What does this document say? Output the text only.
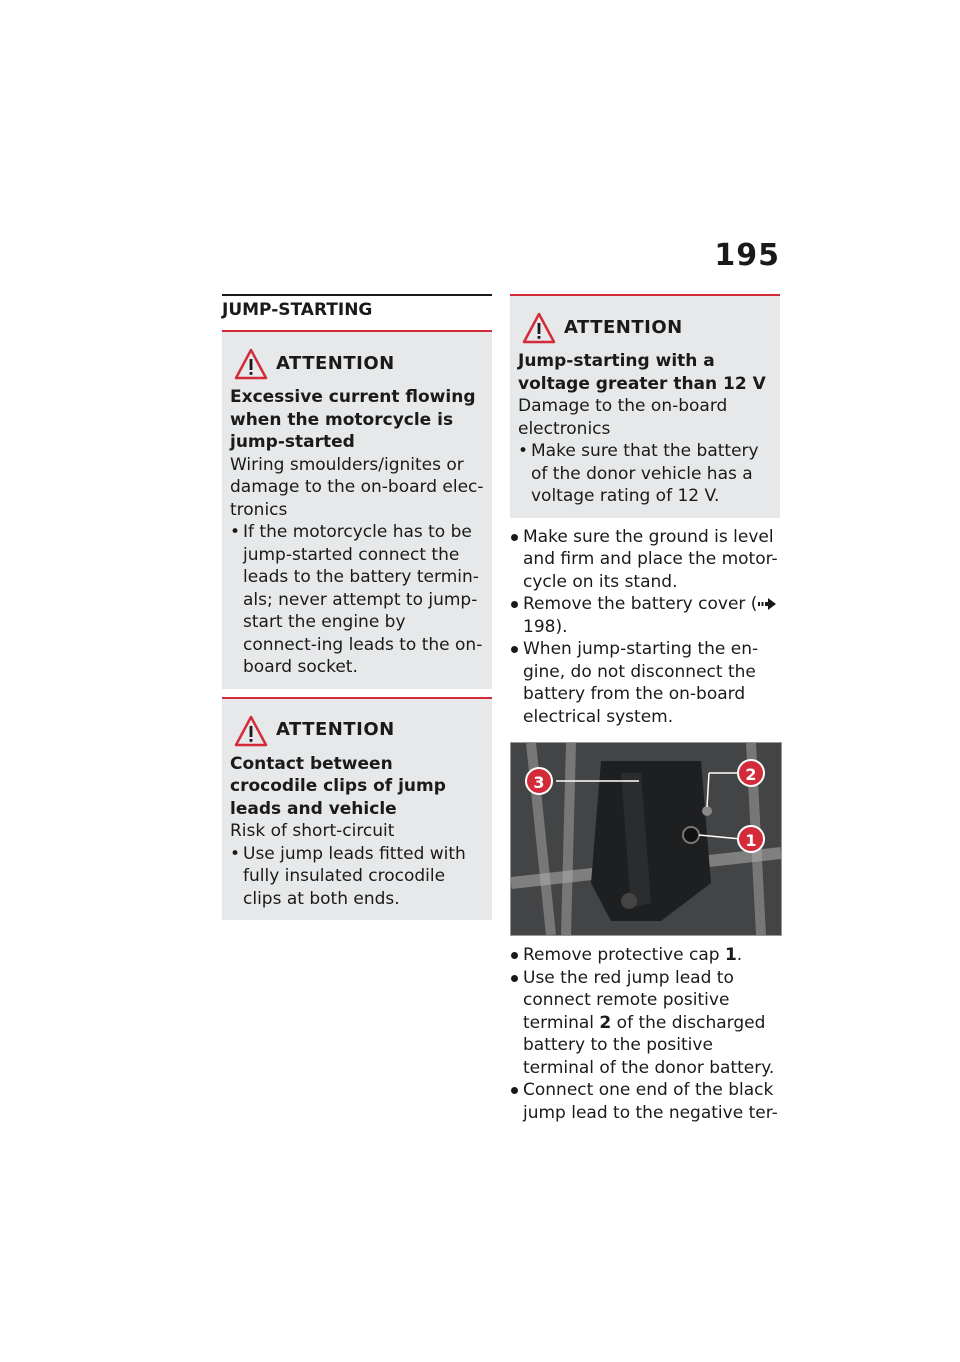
195
JUMP-STARTING
ATTENTION
Excessive current flowing when the motorcycle is jump-started
Wiring smoulders/ignites or damage to the on-board elec-tronics
• If the motorcycle has to be jump-started connect the leads to the battery termin-als; never attempt to jump-start the engine by connect-ing leads to the on-board socket.
ATTENTION
Contact between crocodile clips of jump leads and vehicle
Risk of short-circuit
• Use jump leads fitted with fully insulated crocodile clips at both ends.
ATTENTION
Jump-starting with a voltage greater than 12 V
Damage to the on-board electronics
• Make sure that the battery of the donor vehicle has a voltage rating of 12 V.
Make sure the ground is level and firm and place the motor-cycle on its stand.
Remove the battery cover ( 198).
When jump-starting the en-gine, do not disconnect the battery from the on-board electrical system.
3	2
1
Remove protective cap 1.
Use the red jump lead to connect remote positive terminal 2 of the discharged battery to the positive terminal of the donor battery.
Connect one end of the black jump lead to the negative ter-
